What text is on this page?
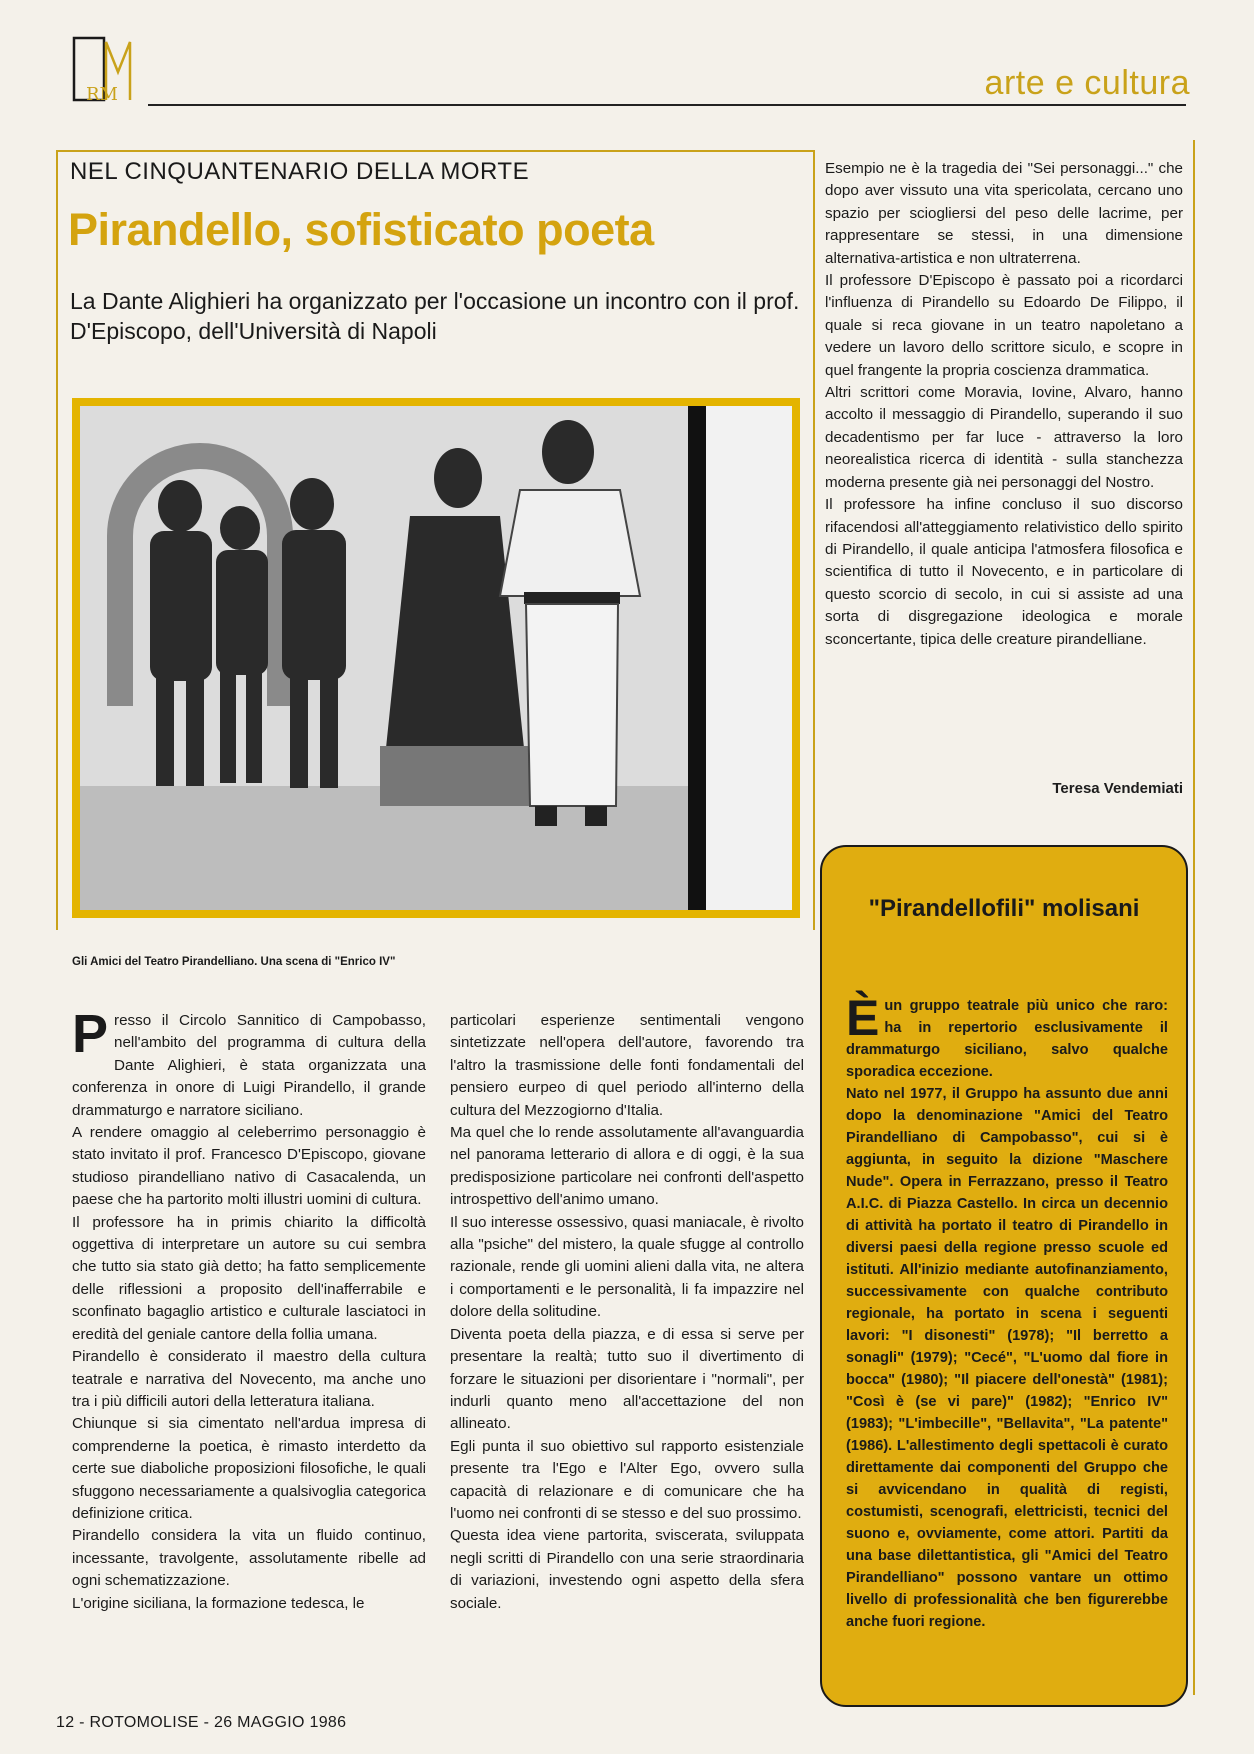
RM	arte e cultura
NEL CINQUANTENARIO DELLA MORTE
Pirandello, sofisticato poeta
La Dante Alighieri ha organizzato per l'occasione un incontro con il prof. D'Episcopo, dell'Università di Napoli
Gli Amici del Teatro Pirandelliano. Una scena di "Enrico IV"

Presso il Circolo Sannitico di Campobasso, nell'ambito del programma di cultura della Dante Alighieri, è stata organizzata una conferenza in onore di Luigi Pirandello, il grande drammaturgo e narratore siciliano.

A rendere omaggio al celeberrimo personaggio è stato invitato il prof. Francesco D'Episcopo, giovane studioso pirandelliano nativo di Casacalenda, un paese che ha partorito molti illustri uomini di cultura.

Il professore ha in primis chiarito la difficoltà oggettiva di interpretare un autore su cui sembra che tutto sia stato già detto; ha fatto semplicemente delle riflessioni a proposito dell'inafferrabile e sconfinato bagaglio artistico e culturale lasciatoci in eredità del geniale cantore della follia umana.

Pirandello è considerato il maestro della cultura teatrale e narrativa del Novecento, ma anche uno tra i più difficili autori della letteratura italiana.

Chiunque si sia cimentato nell'ardua impresa di comprenderne la poetica, è rimasto interdetto da certe sue diaboliche proposizioni filosofiche, le quali sfuggono necessariamente a qualsivoglia categorica definizione critica.

Pirandello considera la vita un fluido continuo, incessante, travolgente, assolutamente ribelle ad ogni schematizzazione.

L'origine siciliana, la formazione tedesca, le

particolari esperienze sentimentali vengono sintetizzate nell'opera dell'autore, favorendo tra l'altro la trasmissione delle fonti fondamentali del pensiero eurpeo di quel periodo all'interno della cultura del Mezzogiorno d'Italia.

Ma quel che lo rende assolutamente all'avanguardia nel panorama letterario di allora e di oggi, è la sua predisposizione particolare nei confronti dell'aspetto introspettivo dell'animo umano.

Il suo interesse ossessivo, quasi maniacale, è rivolto alla "psiche" del mistero, la quale sfugge al controllo razionale, rende gli uomini alieni dalla vita, ne altera i comportamenti e le personalità, li fa impazzire nel dolore della solitudine.

Diventa poeta della piazza, e di essa si serve per presentare la realtà; tutto suo il divertimento di forzare le situazioni per disorientare i "normali", per indurli quanto meno all'accettazione del non allineato.

Egli punta il suo obiettivo sul rapporto esistenziale presente tra l'Ego e l'Alter Ego, ovvero sulla capacità di relazionare e di comunicare che ha l'uomo nei confronti di se stesso e del suo prossimo.

Questa idea viene partorita, sviscerata, sviluppata negli scritti di Pirandello con una serie straordinaria di variazioni, investendo ogni aspetto della sfera sociale.

Esempio ne è la tragedia dei "Sei personaggi..." che dopo aver vissuto una vita spericolata, cercano uno spazio per sciogliersi del peso delle lacrime, per rappresentare se stessi, in una dimensione alternativa-artistica e non ultraterrena.

Il professore D'Episcopo è passato poi a ricordarci l'influenza di Pirandello su Edoardo De Filippo, il quale si reca giovane in un teatro napoletano a vedere un lavoro dello scrittore siculo, e scopre in quel frangente la propria coscienza drammatica.

Altri scrittori come Moravia, Iovine, Alvaro, hanno accolto il messaggio di Pirandello, superando il suo decadentismo per far luce - attraverso la loro neorealistica ricerca di identità - sulla stanchezza moderna presente già nei personaggi del Nostro.

Il professore ha infine concluso il suo discorso rifacendosi all'atteggiamento relativistico dello spirito di Pirandello, il quale anticipa l'atmosfera filosofica e scientifica di tutto il Novecento, e in particolare di questo scorcio di secolo, in cui si assiste ad una sorta di disgregazione ideologica e morale sconcertante, tipica delle creature pirandelliane.

Teresa Vendemiati
"Pirandellofili" molisani

Èun gruppo teatrale più unico che raro: ha in repertorio esclusivamente il drammaturgo siciliano, salvo qualche sporadica eccezione.

Nato nel 1977, il Gruppo ha assunto due anni dopo la denominazione "Amici del Teatro Pirandelliano di Campobasso", cui si è aggiunta, in seguito la dizione "Maschere Nude". Opera in Ferrazzano, presso il Teatro A.I.C. di Piazza Castello. In circa un decennio di attività ha portato il teatro di Pirandello in diversi paesi della regione presso scuole ed istituti. All'inizio mediante autofinanziamento, successivamente con qualche contributo regionale, ha portato in scena i seguenti lavori: "I disonesti" (1978); "Il berretto a sonagli" (1979); "Cecé", "L'uomo dal fiore in bocca" (1980); "Il piacere dell'onestà" (1981); "Così è (se vi pare)" (1982); "Enrico IV" (1983); "L'imbecille", "Bellavita", "La patente" (1986). L'allestimento degli spettacoli è curato direttamente dai componenti del Gruppo che si avvicendano in qualità di registi, costumisti, scenografi, elettricisti, tecnici del suono e, ovviamente, come attori. Partiti da una base dilettantistica, gli "Amici del Teatro Pirandelliano" possono vantare un ottimo livello di professionalità che ben figurerebbe anche fuori regione.

12 - ROTOMOLISE - 26 MAGGIO 1986
